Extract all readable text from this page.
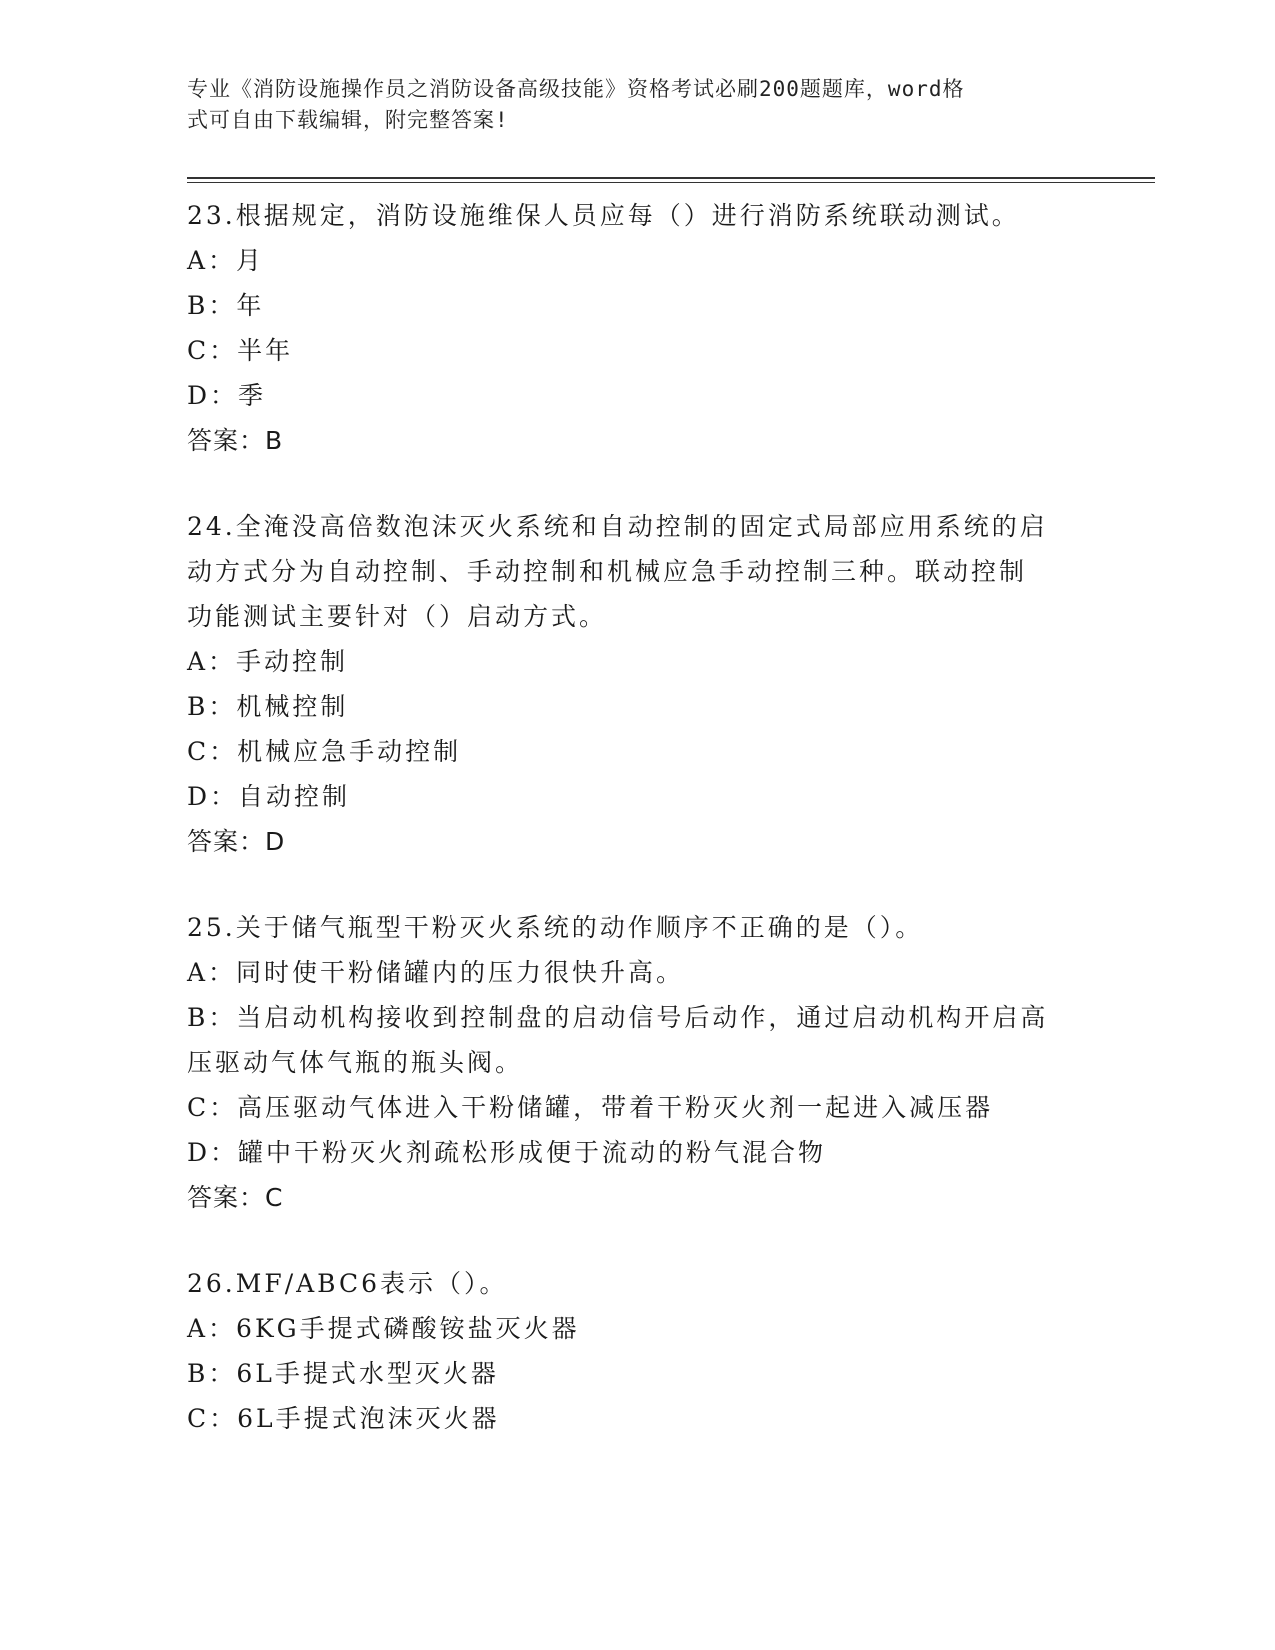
专业《消防设施操作员之消防设备高级技能》资格考试必刷200题题库，word格
式可自由下载编辑，附完整答案!

23.根据规定，消防设施维保人员应每（）进行消防系统联动测试。

A：月

B：年

C：半年

D：季

答案：B

24.全淹没高倍数泡沫灭火系统和自动控制的固定式局部应用系统的启

动方式分为自动控制、手动控制和机械应急手动控制三种。联动控制

功能测试主要针对（）启动方式。

A：手动控制

B：机械控制

C：机械应急手动控制

D：自动控制

答案：D

25.关于储气瓶型干粉灭火系统的动作顺序不正确的是（）。

A：同时使干粉储罐内的压力很快升高。

B：当启动机构接收到控制盘的启动信号后动作，通过启动机构开启高

压驱动气体气瓶的瓶头阀。

C：高压驱动气体进入干粉储罐，带着干粉灭火剂一起进入减压器

D：罐中干粉灭火剂疏松形成便于流动的粉气混合物

答案：C

26.MF/ABC6表示（）。

A：6KG手提式磷酸铵盐灭火器

B：6L手提式水型灭火器

C：6L手提式泡沫灭火器
